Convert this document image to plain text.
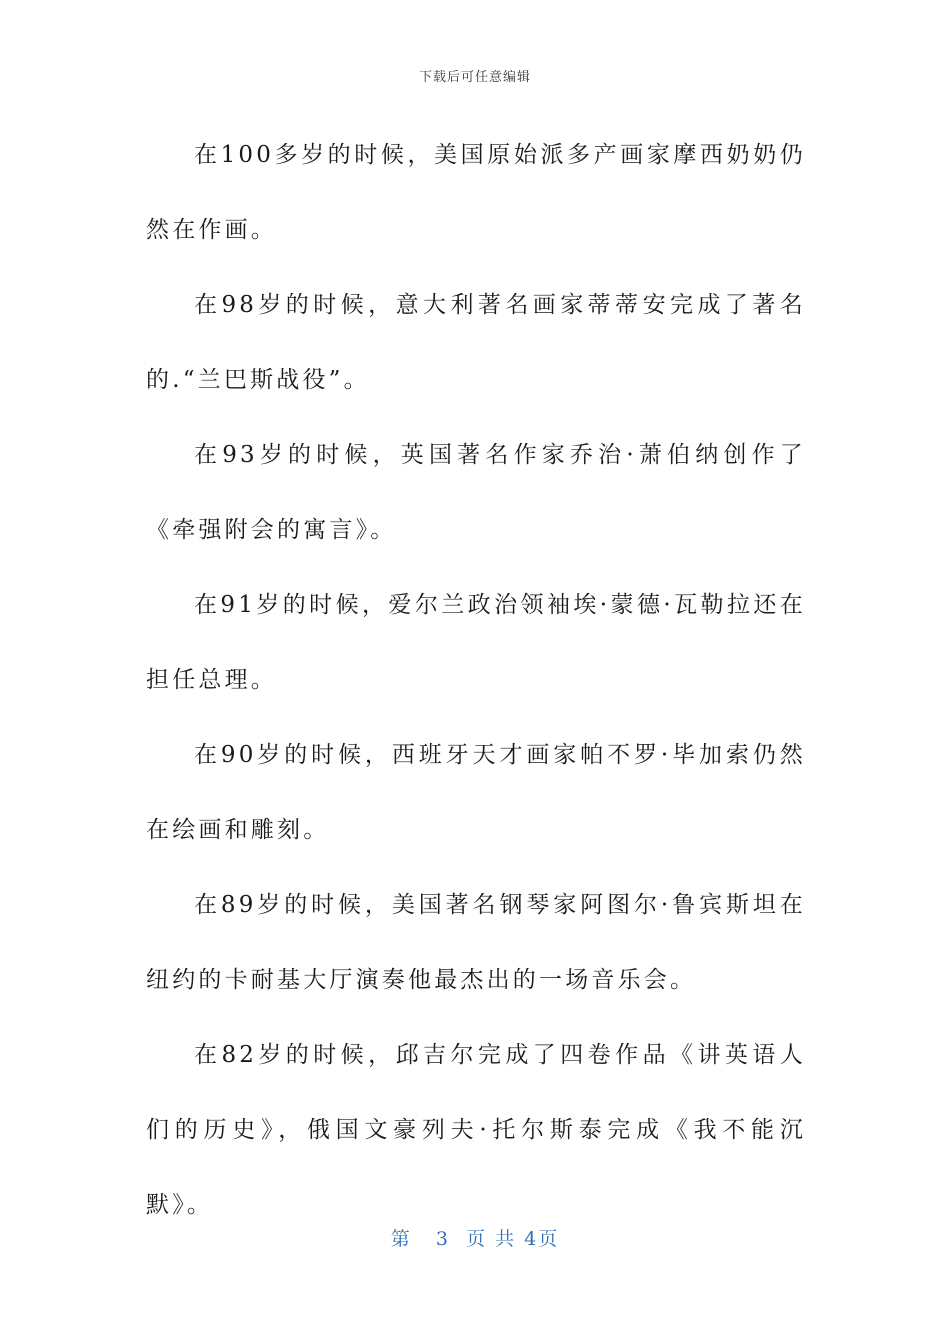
下载后可任意编辑

在100多岁的时候，美国原始派多产画家摩西奶奶仍然在作画。

在98岁的时候，意大利著名画家蒂蒂安完成了著名的.“兰巴斯战役”。

在93岁的时候，英国著名作家乔治·萧伯纳创作了《牵强附会的寓言》。

在91岁的时候，爱尔兰政治领袖埃·蒙德·瓦勒拉还在担任总理。

在90岁的时候，西班牙天才画家帕不罗·毕加索仍然在绘画和雕刻。

在89岁的时候，美国著名钢琴家阿图尔·鲁宾斯坦在纽约的卡耐基大厅演奏他最杰出的一场音乐会。

在82岁的时候，邱吉尔完成了四卷作品《讲英语人们的历史》，俄国文豪列夫·托尔斯泰完成《我不能沉默》。

第 3 页 共 4页
